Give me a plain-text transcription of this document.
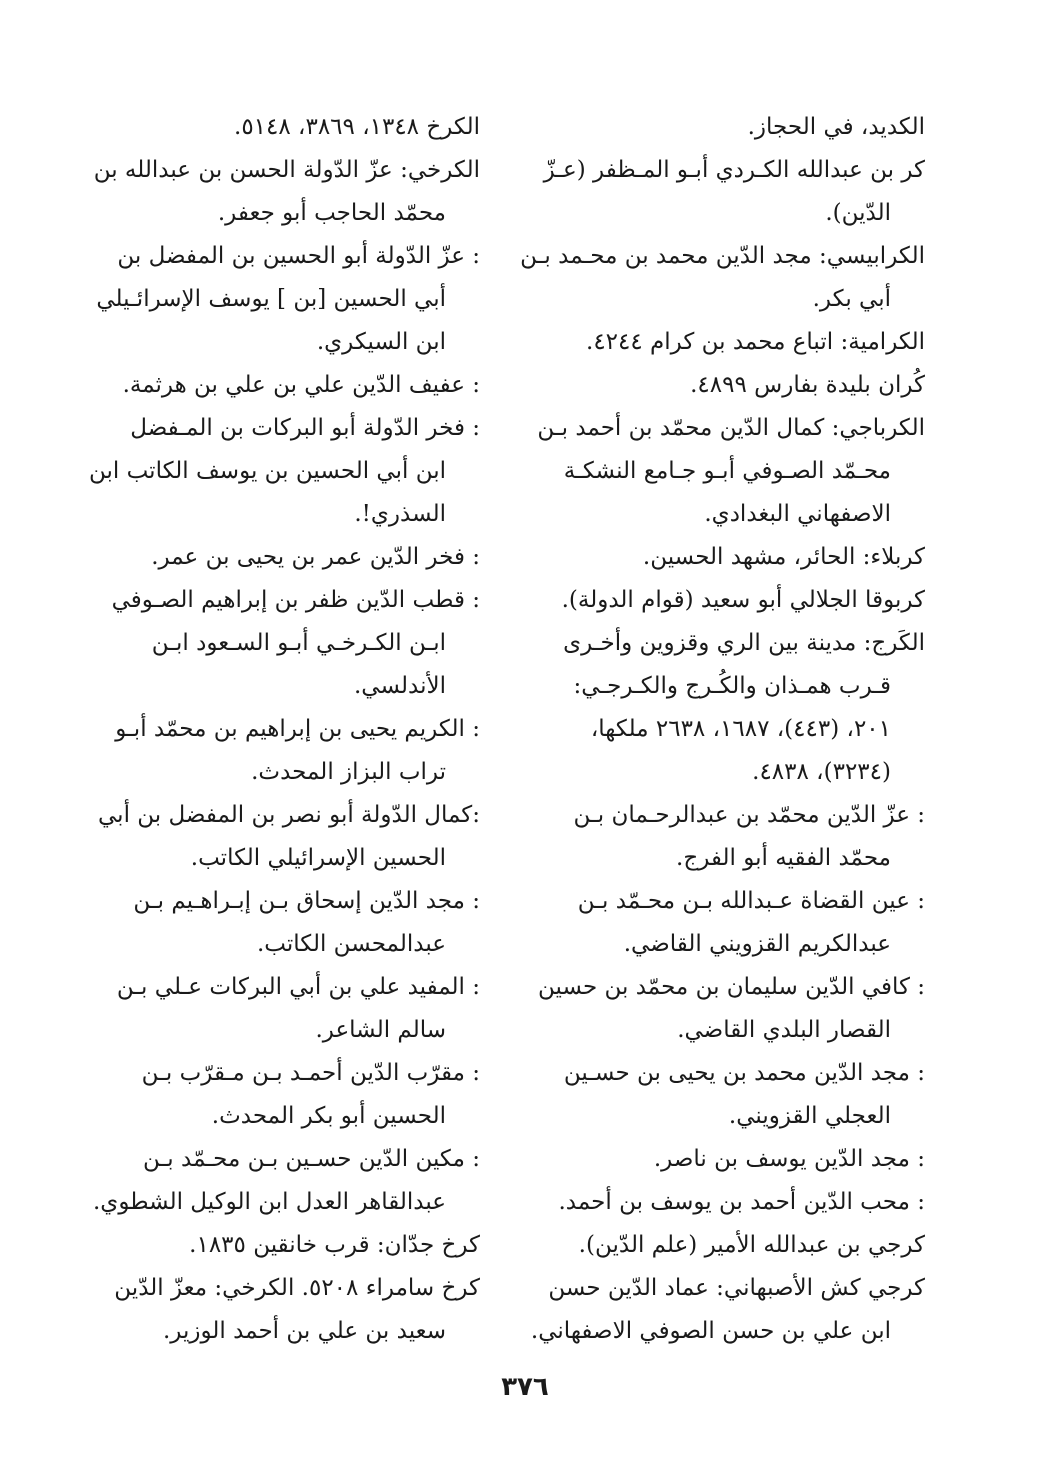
الكديد، في الحجاز.
كر بن عبدالله الكـردي أبـو المـظفر (عـزّ
الدّين).
الكرابيسي: مجد الدّين محمد بن محـمد بـن
أبي بكر.
الكرامية: اتباع محمد بن كرام ٤٢٤٤.
كُران بليدة بفارس ٤٨٩٩.
الكرباجي: كمال الدّين محمّد بن أحمد بـن
محـمّد الصـوفي أبـو جـامع النشكـة
الاصفهاني البغدادي.
كربلاء: الحائر، مشهد الحسين.
كربوقا الجلالي أبو سعيد (قوام الدولة).
الكَرج: مدينة بين الري وقزوين وأخـرى
قـرب همـذان والكُـرج والكـرجـي:
٢٠١، (٤٤٣)، ١٦٨٧، ٢٦٣٨ ملكها،
(٣٢٣٤)، ٤٨٣٨.
: عزّ الدّين محمّد بن عبدالرحـمان بـن
محمّد الفقيه أبو الفرج.
: عين القضاة عـبدالله بـن محـمّد بـن
عبدالكريم القزويني القاضي.
: كافي الدّين سليمان بن محمّد بن حسين
القصار البلدي القاضي.
: مجد الدّين محمد بن يحيى بن حسـين
العجلي القزويني.
: مجد الدّين يوسف بن ناصر.
: محب الدّين أحمد بن يوسف بن أحمد.
كرجي بن عبدالله الأمير (علم الدّين).
كرجي كش الأصبهاني: عماد الدّين حسن
ابن علي بن حسن الصوفي الاصفهاني.
الكرخ ١٣٤٨، ٣٨٦٩، ٥١٤٨.
الكرخي: عزّ الدّولة الحسن بن عبدالله بن
محمّد الحاجب أبو جعفر.
: عزّ الدّولة أبو الحسين بن المفضل بن
أبي الحسين [بن ] يوسف الإسرائـيلي
ابن السيكري.
: عفيف الدّين علي بن علي بن هرثمة.
: فخر الدّولة أبو البركات بن المـفضل
ابن أبي الحسين بن يوسف الكاتب ابن
السذري!.
: فخر الدّين عمر بن يحيى بن عمر.
: قطب الدّين ظفر بن إبراهيم الصـوفي
ابـن الكـرخـي أبـو السـعود ابـن
الأندلسي.
: الكريم يحيى بن إبراهيم بن محمّد أبـو
تراب البزاز المحدث.
:كمال الدّولة أبو نصر بن المفضل بن أبي
الحسين الإسرائيلي الكاتب.
: مجد الدّين إسحاق بـن إبـراهـيم بـن
عبدالمحسن الكاتب.
: المفيد علي بن أبي البركات عـلي بـن
سالم الشاعر.
: مقرّب الدّين أحمـد بـن مـقرّب بـن
الحسين أبو بكر المحدث.
: مكين الدّين حسـين بـن محـمّد بـن
عبدالقاهر العدل ابن الوكيل الشطوي.
كرخ جدّان: قرب خانقين ١٨٣٥.
كرخ سامراء ٥٢٠٨. الكرخي: معزّ الدّين
سعيد بن علي بن أحمد الوزير.
٣٧٦
